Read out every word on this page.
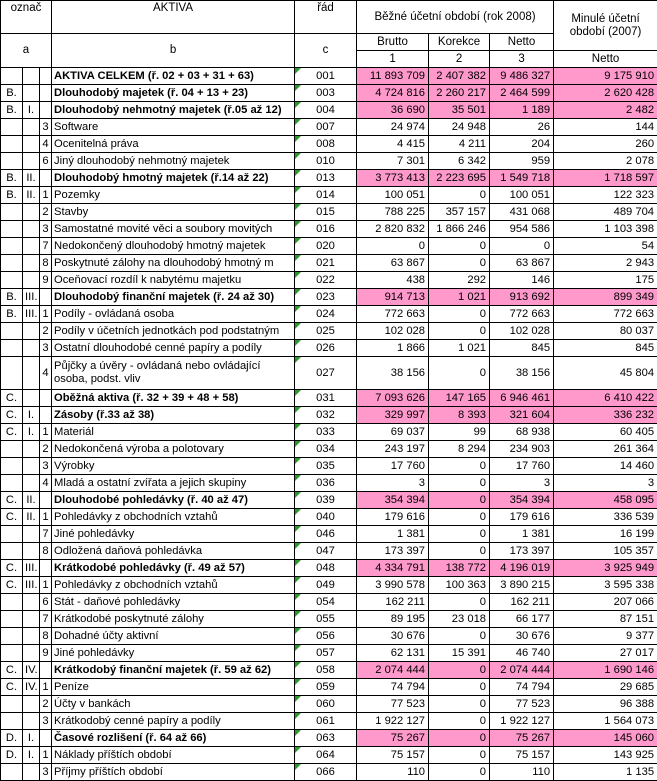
označ			AKTIVA	řád	Běžné účetní období (rok 2008)			Minulé účetní období (2007)
a			b	c	Brutto	Korekce	Netto	
					1	2	3	Netto
			AKTIVA CELKEM (ř. 02 + 03 + 31 + 63)	001	11 893 709	2 407 382	9 486 327	9 175 910
B.			Dlouhodobý majetek (ř. 04 + 13 + 23)	003	4 724 816	2 260 217	2 464 599	2 620 428
B.	I.		Dlouhodobý nehmotný majetek (ř.05 až 12)	004	36 690	35 501	1 189	2 482
		3	Software	007	24 974	24 948	26	144
		4	Ocenitelná práva	008	4 415	4 211	204	260
		6	Jiný dlouhodobý nehmotný majetek	010	7 301	6 342	959	2 078
B.	II.		Dlouhodobý hmotný majetek (ř.14 až 22)	013	3 773 413	2 223 695	1 549 718	1 718 597
B.	II.	1	Pozemky	014	100 051	0	100 051	122 323
		2	Stavby	015	788 225	357 157	431 068	489 704
		3	Samostatné movité věci a soubory movitých	016	2 820 832	1 866 246	954 586	1 103 398
		7	Nedokončený dlouhodobý hmotný majetek	020	0	0	0	54
		8	Poskytnuté zálohy na dlouhodobý hmotný m	021	63 867	0	63 867	2 943
		9	Oceňovací rozdíl k nabytému majetku	022	438	292	146	175
B.	III.		Dlouhodobý finanční majetek (ř. 24 až 30)	023	914 713	1 021	913 692	899 349
B.	III.	1	Podíly - ovládaná osoba	024	772 663	0	772 663	772 663
		2	Podíly v účetních jednotkách pod podstatným	025	102 028	0	102 028	80 037
		3	Ostatní dlouhodobé cenné papíry a podíly	026	1 866	1 021	845	845
		4	Půjčky a úvěry - ovládaná nebo ovládající osoba, podst. vliv	027	38 156	0	38 156	45 804
C.			Oběžná aktiva (ř. 32 + 39 + 48 + 58)	031	7 093 626	147 165	6 946 461	6 410 422
C.	I.		Zásoby (ř.33 až 38)	032	329 997	8 393	321 604	336 232
C.	I.	1	Materiál	033	69 037	99	68 938	60 405
		2	Nedokončená výroba a polotovary	034	243 197	8 294	234 903	261 364
		3	Výrobky	035	17 760	0	17 760	14 460
		4	Mladá a ostatní zvířata a jejich skupiny	036	3	0	3	3
C.	II.		Dlouhodobé pohledávky (ř. 40 až 47)	039	354 394	0	354 394	458 095
C.	II.	1	Pohledávky z obchodních vztahů	040	179 616	0	179 616	336 539
		7	Jiné pohledávky	046	1 381	0	1 381	16 199
		8	Odložená daňová pohledávka	047	173 397	0	173 397	105 357
C.	III.		Krátkodobé pohledávky (ř. 49 až 57)	048	4 334 791	138 772	4 196 019	3 925 949
C.	III.	1	Pohledávky z obchodních vztahů	049	3 990 578	100 363	3 890 215	3 595 338
		6	Stát - daňové pohledávky	054	162 211	0	162 211	207 066
		7	Krátkodobé poskytnuté zálohy	055	89 195	23 018	66 177	87 151
		8	Dohadné účty aktivní	056	30 676	0	30 676	9 377
		9	Jiné pohledávky	057	62 131	15 391	46 740	27 017
C.	IV.		Krátkodobý finanční majetek (ř. 59 až 62)	058	2 074 444	0	2 074 444	1 690 146
C.	IV.	1	Peníze	059	74 794	0	74 794	29 685
		2	Účty v bankách	060	77 523	0	77 523	96 388
		3	Krátkodobý cenné papíry a podíly	061	1 922 127	0	1 922 127	1 564 073
D.	I.		Časové rozlišení (ř. 64 až 66)	063	75 267	0	75 267	145 060
D.	I.	1	Náklady příštích období	064	75 157	0	75 157	143 925
		3	Příjmy příštích období	066	110	0	110	1 135
